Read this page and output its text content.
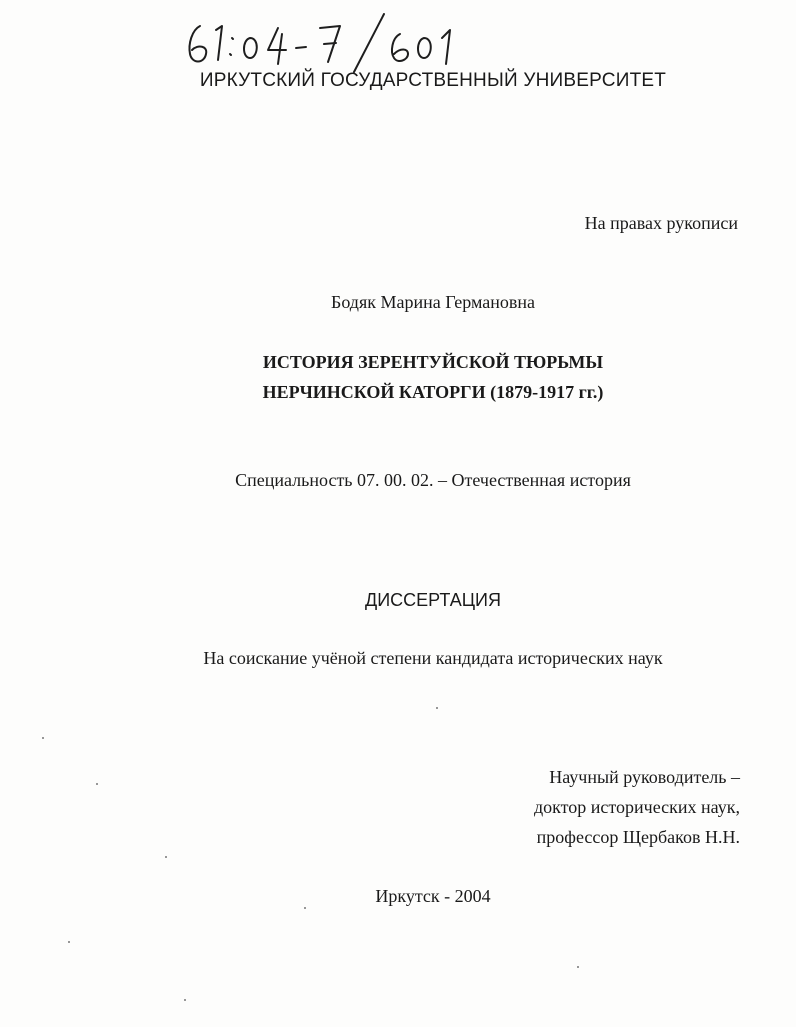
ИРКУТСКИЙ ГОСУДАРСТВЕННЫЙ УНИВЕРСИТЕТ
На правах рукописи
Бодяк Марина Германовна
ИСТОРИЯ ЗЕРЕНТУЙСКОЙ ТЮРЬМЫ
НЕРЧИНСКОЙ КАТОРГИ (1879-1917 гг.)
Специальность 07. 00. 02. – Отечественная история
ДИССЕРТАЦИЯ
На соискание учёной степени кандидата исторических наук
Научный руководитель –
доктор исторических наук,
профессор Щербаков Н.Н.
Иркутск - 2004
